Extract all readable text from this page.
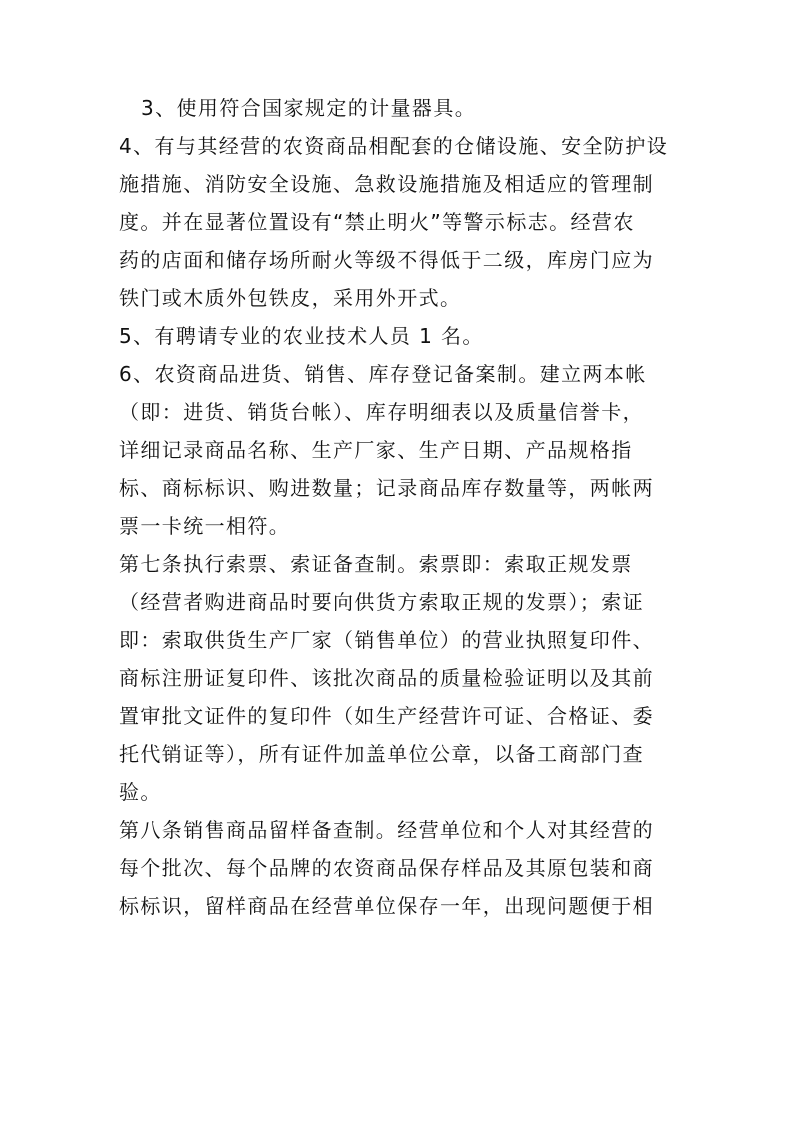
3、使用符合国家规定的计量器具。
4、有与其经营的农资商品相配套的仓储设施、安全防护设
施措施、消防安全设施、急救设施措施及相适应的管理制
度。并在显著位置设有“禁止明火”等警示标志。经营农
药的店面和储存场所耐火等级不得低于二级，库房门应为
铁门或木质外包铁皮，采用外开式。
5、有聘请专业的农业技术人员 1 名。
6、农资商品进货、销售、库存登记备案制。建立两本帐
（即：进货、销货台帐）、库存明细表以及质量信誉卡，
详细记录商品名称、生产厂家、生产日期、产品规格指
标、商标标识、购进数量；记录商品库存数量等，两帐两
票一卡统一相符。
第七条执行索票、索证备查制。索票即：索取正规发票
（经营者购进商品时要向供货方索取正规的发票）；索证
即：索取供货生产厂家（销售单位）的营业执照复印件、
商标注册证复印件、该批次商品的质量检验证明以及其前
置审批文证件的复印件（如生产经营许可证、合格证、委
托代销证等），所有证件加盖单位公章，以备工商部门查
验。
第八条销售商品留样备查制。经营单位和个人对其经营的
每个批次、每个品牌的农资商品保存样品及其原包装和商
标标识，留样商品在经营单位保存一年，出现问题便于相
